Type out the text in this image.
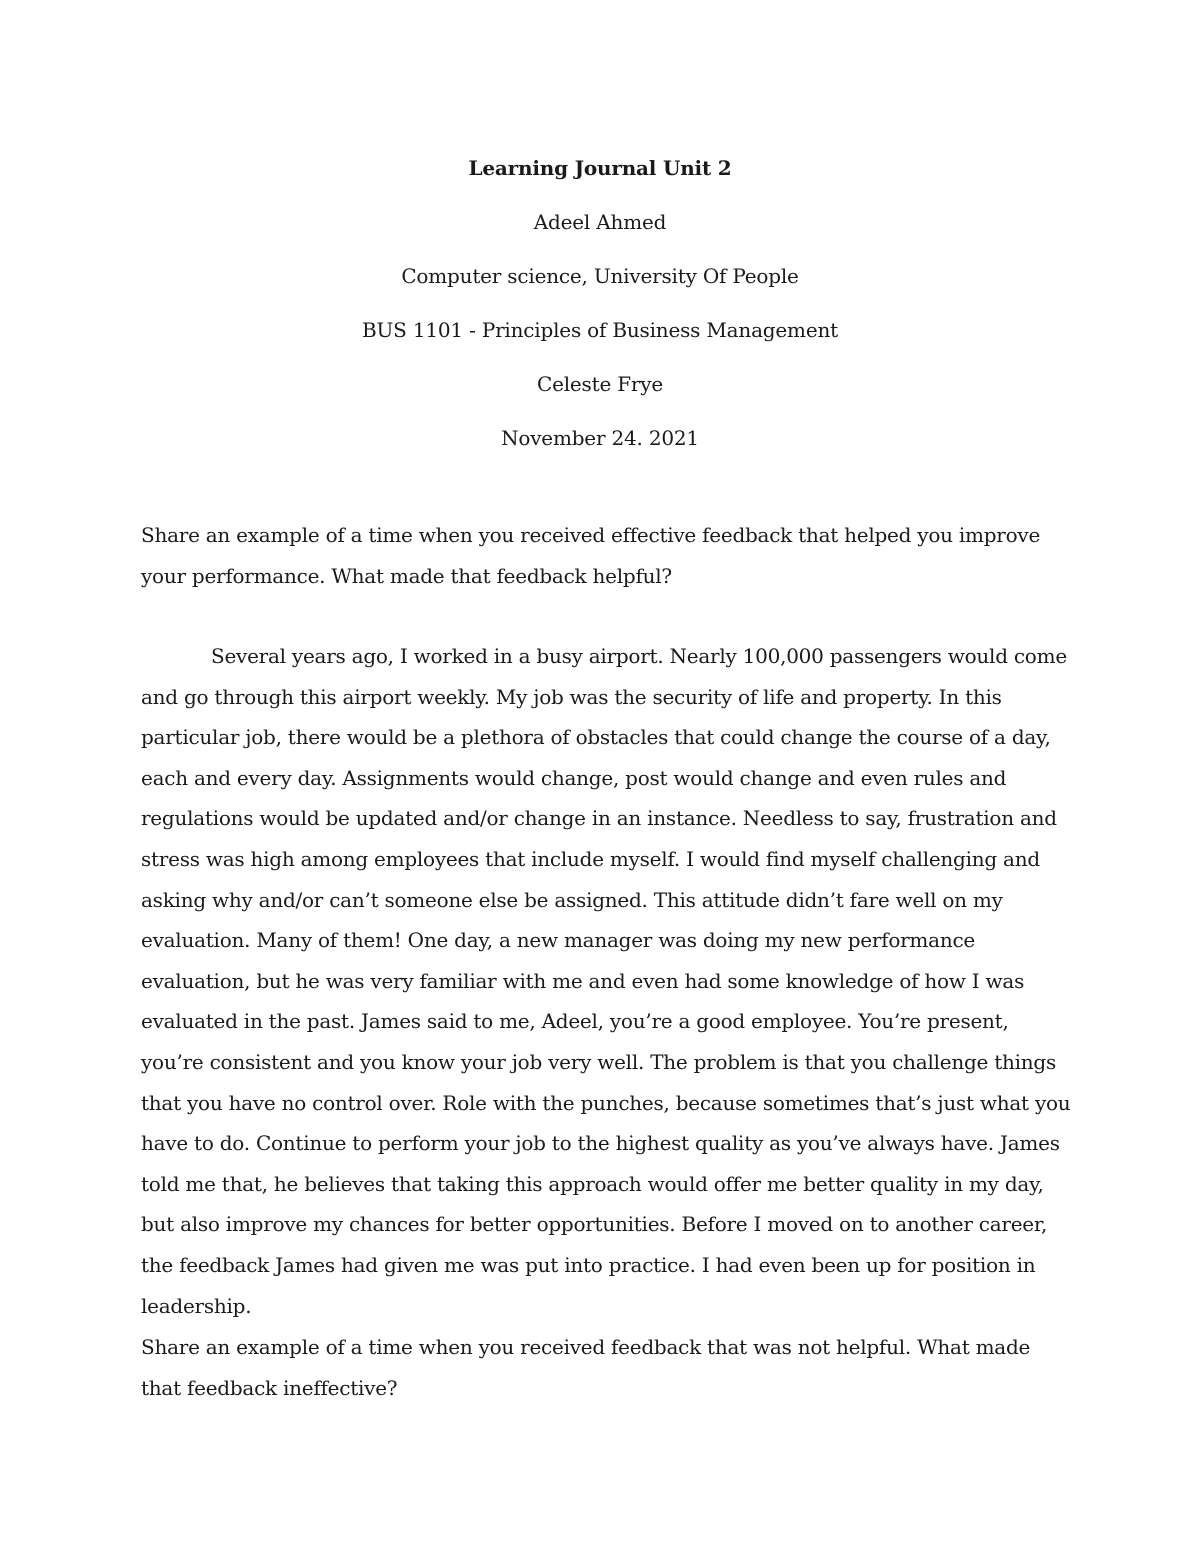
Learning Journal Unit 2
Adeel Ahmed
Computer science, University Of People
BUS 1101 - Principles of Business Management
Celeste Frye
November 24. 2021

Share an example of a time when you received effective feedback that helped you improve your performance. What made that feedback helpful?

Several years ago, I worked in a busy airport. Nearly 100,000 passengers would come and go through this airport weekly. My job was the security of life and property. In this particular job, there would be a plethora of obstacles that could change the course of a day, each and every day. Assignments would change, post would change and even rules and regulations would be updated and/or change in an instance. Needless to say, frustration and stress was high among employees that include myself. I would find myself challenging and asking why and/or can’t someone else be assigned. This attitude didn’t fare well on my evaluation. Many of them! One day, a new manager was doing my new performance evaluation, but he was very familiar with me and even had some knowledge of how I was evaluated in the past. James said to me, Adeel, you’re a good employee. You’re present, you’re consistent and you know your job very well. The problem is that you challenge things that you have no control over. Role with the punches, because sometimes that’s just what you have to do. Continue to perform your job to the highest quality as you’ve always have. James told me that, he believes that taking this approach would offer me better quality in my day, but also improve my chances for better opportunities. Before I moved on to another career, the feedback James had given me was put into practice. I had even been up for position in leadership.

Share an example of a time when you received feedback that was not helpful. What made that feedback ineffective?
